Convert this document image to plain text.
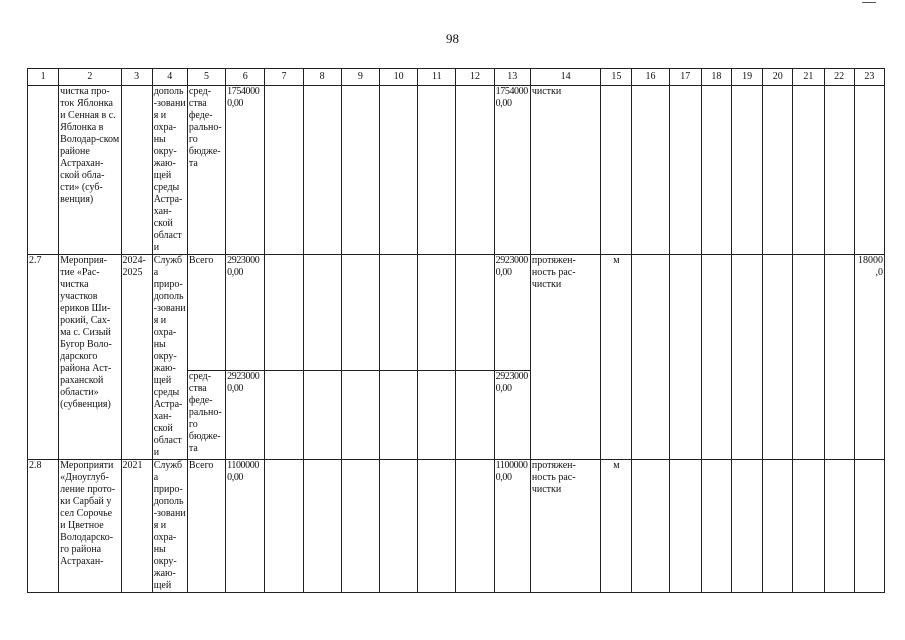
98
1	2	3	4	5	6	7	8	9	10	11	12	13	14	15	16	17	18	19	20	21	22	23
	чистка про-тоκ Яблонка и Сенная в с. Яблонка в Володар-ском районе Астрахан-ской обла-сти» (суб-венция)		дополь-зования и охра-ны окру-жаю-щей среды Астра-хан-ской области	сред-ства феде-рально-го бюдже-та	17540000,00							17540000,00	чистки									
2.7	Мероприя-тие «Рас-чистка участков ериков Ши-рокий, Сах-ма с. Сизый Бугор Воло-дарского района Аст-раханской области» (субвенция)	2024-2025	Служба приро-дополь-зования и охра-ны окру-жаю-щей среды Астра-хан-ской области	Всего	29230000,00							29230000,00	протяжен-ность рас-чистки	м								18000,0
				сред-ства феде-рально-го бюдже-та	29230000,00							29230000,00										
2.8	Мероприяти «Дноуглуб-ление прото-ки Сарбай у сел Сорочье и Цветное Володарско-го района Астрахан-	2021	Служба приро-дополь-зования и охра-ны окру-жаю-щей	Всего	11000000,00							11000000,00	протяжен-ность рас-чистки	м								
